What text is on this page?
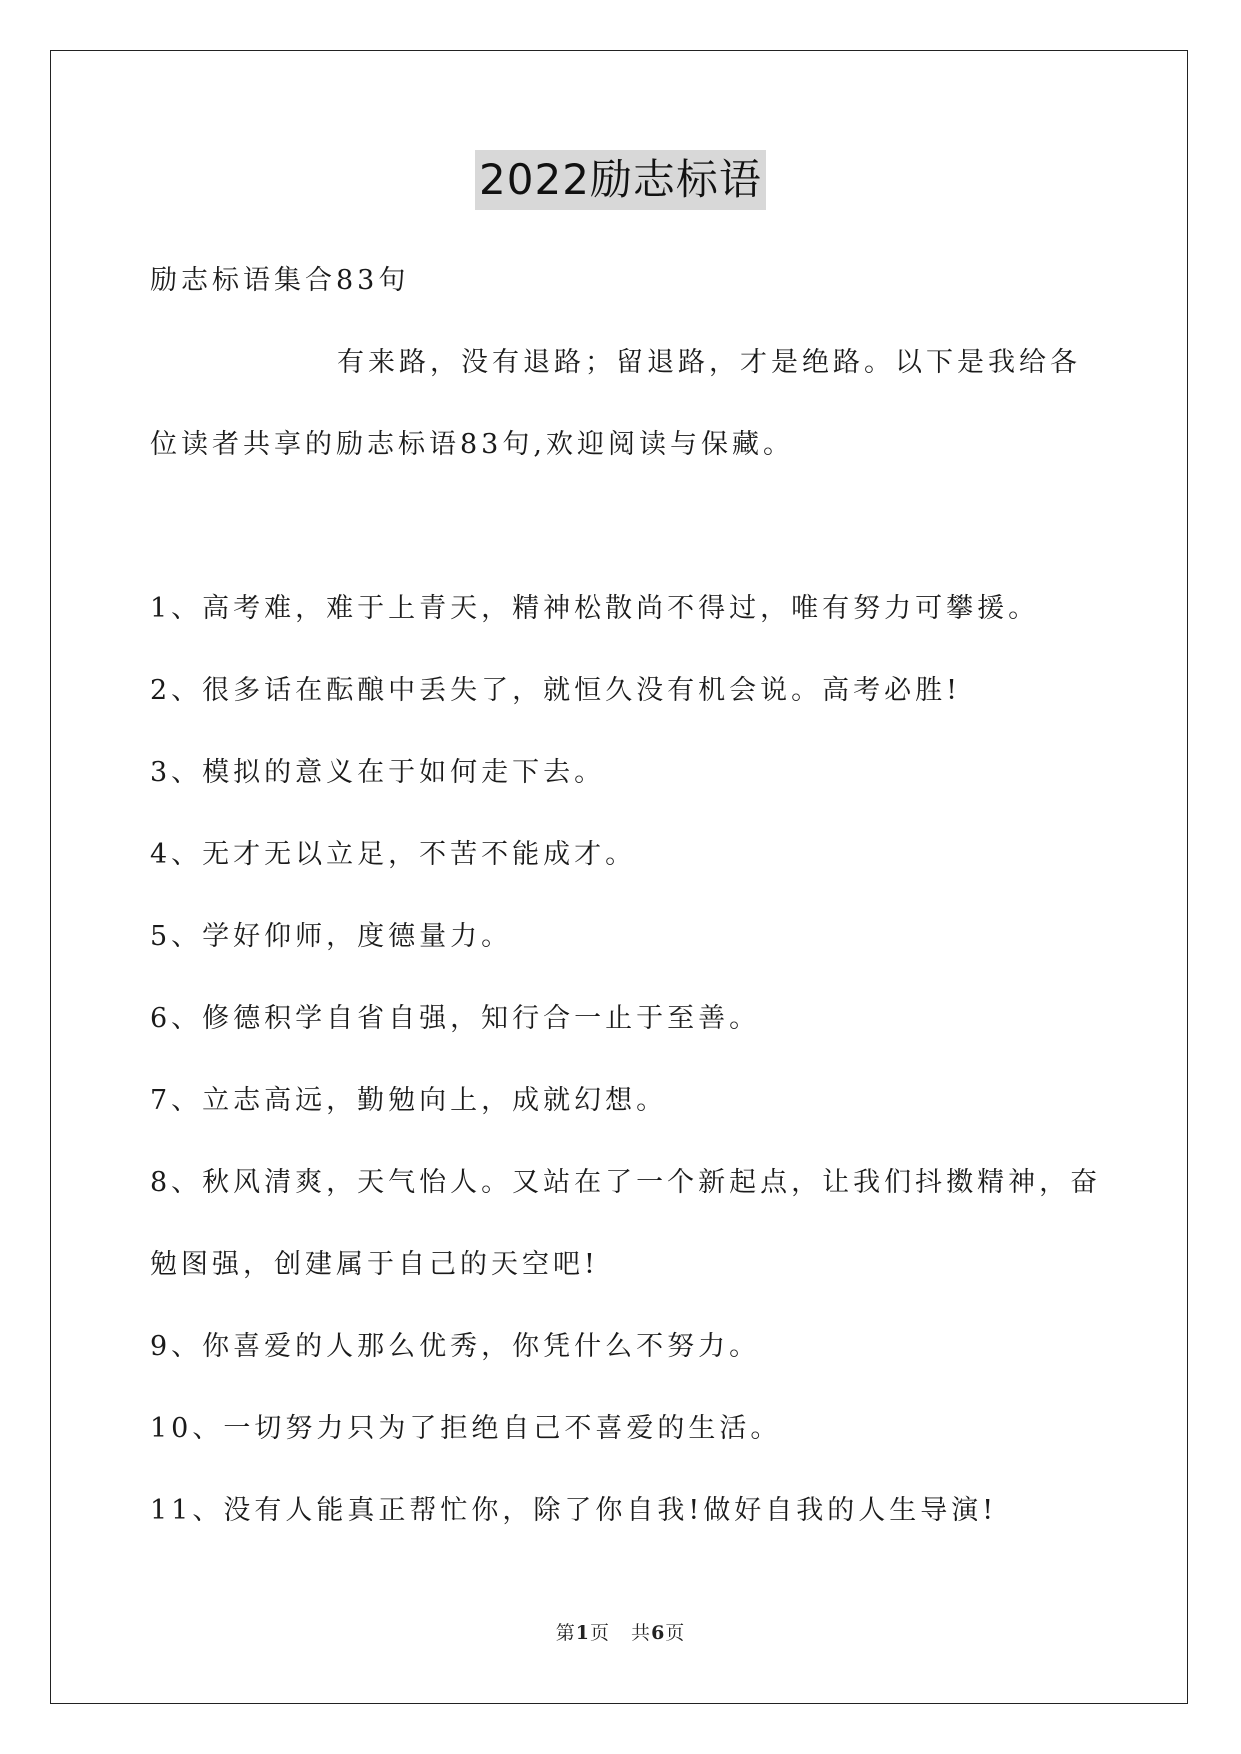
2022励志标语
励志标语集合83句
有来路，没有退路；留退路，才是绝路。以下是我给各
位读者共享的励志标语83句,欢迎阅读与保藏。
1、高考难，难于上青天，精神松散尚不得过，唯有努力可攀援。
2、很多话在酝酿中丢失了，就恒久没有机会说。高考必胜!
3、模拟的意义在于如何走下去。
4、无才无以立足，不苦不能成才。
5、学好仰师，度德量力。
6、修德积学自省自强，知行合一止于至善。
7、立志高远，勤勉向上，成就幻想。
8、秋风清爽，天气怡人。又站在了一个新起点，让我们抖擞精神，奋
勉图强，创建属于自己的天空吧!
9、你喜爱的人那么优秀，你凭什么不努力。
10、一切努力只为了拒绝自己不喜爱的生活。
11、没有人能真正帮忙你，除了你自我!做好自我的人生导演!
第1页   共6页
